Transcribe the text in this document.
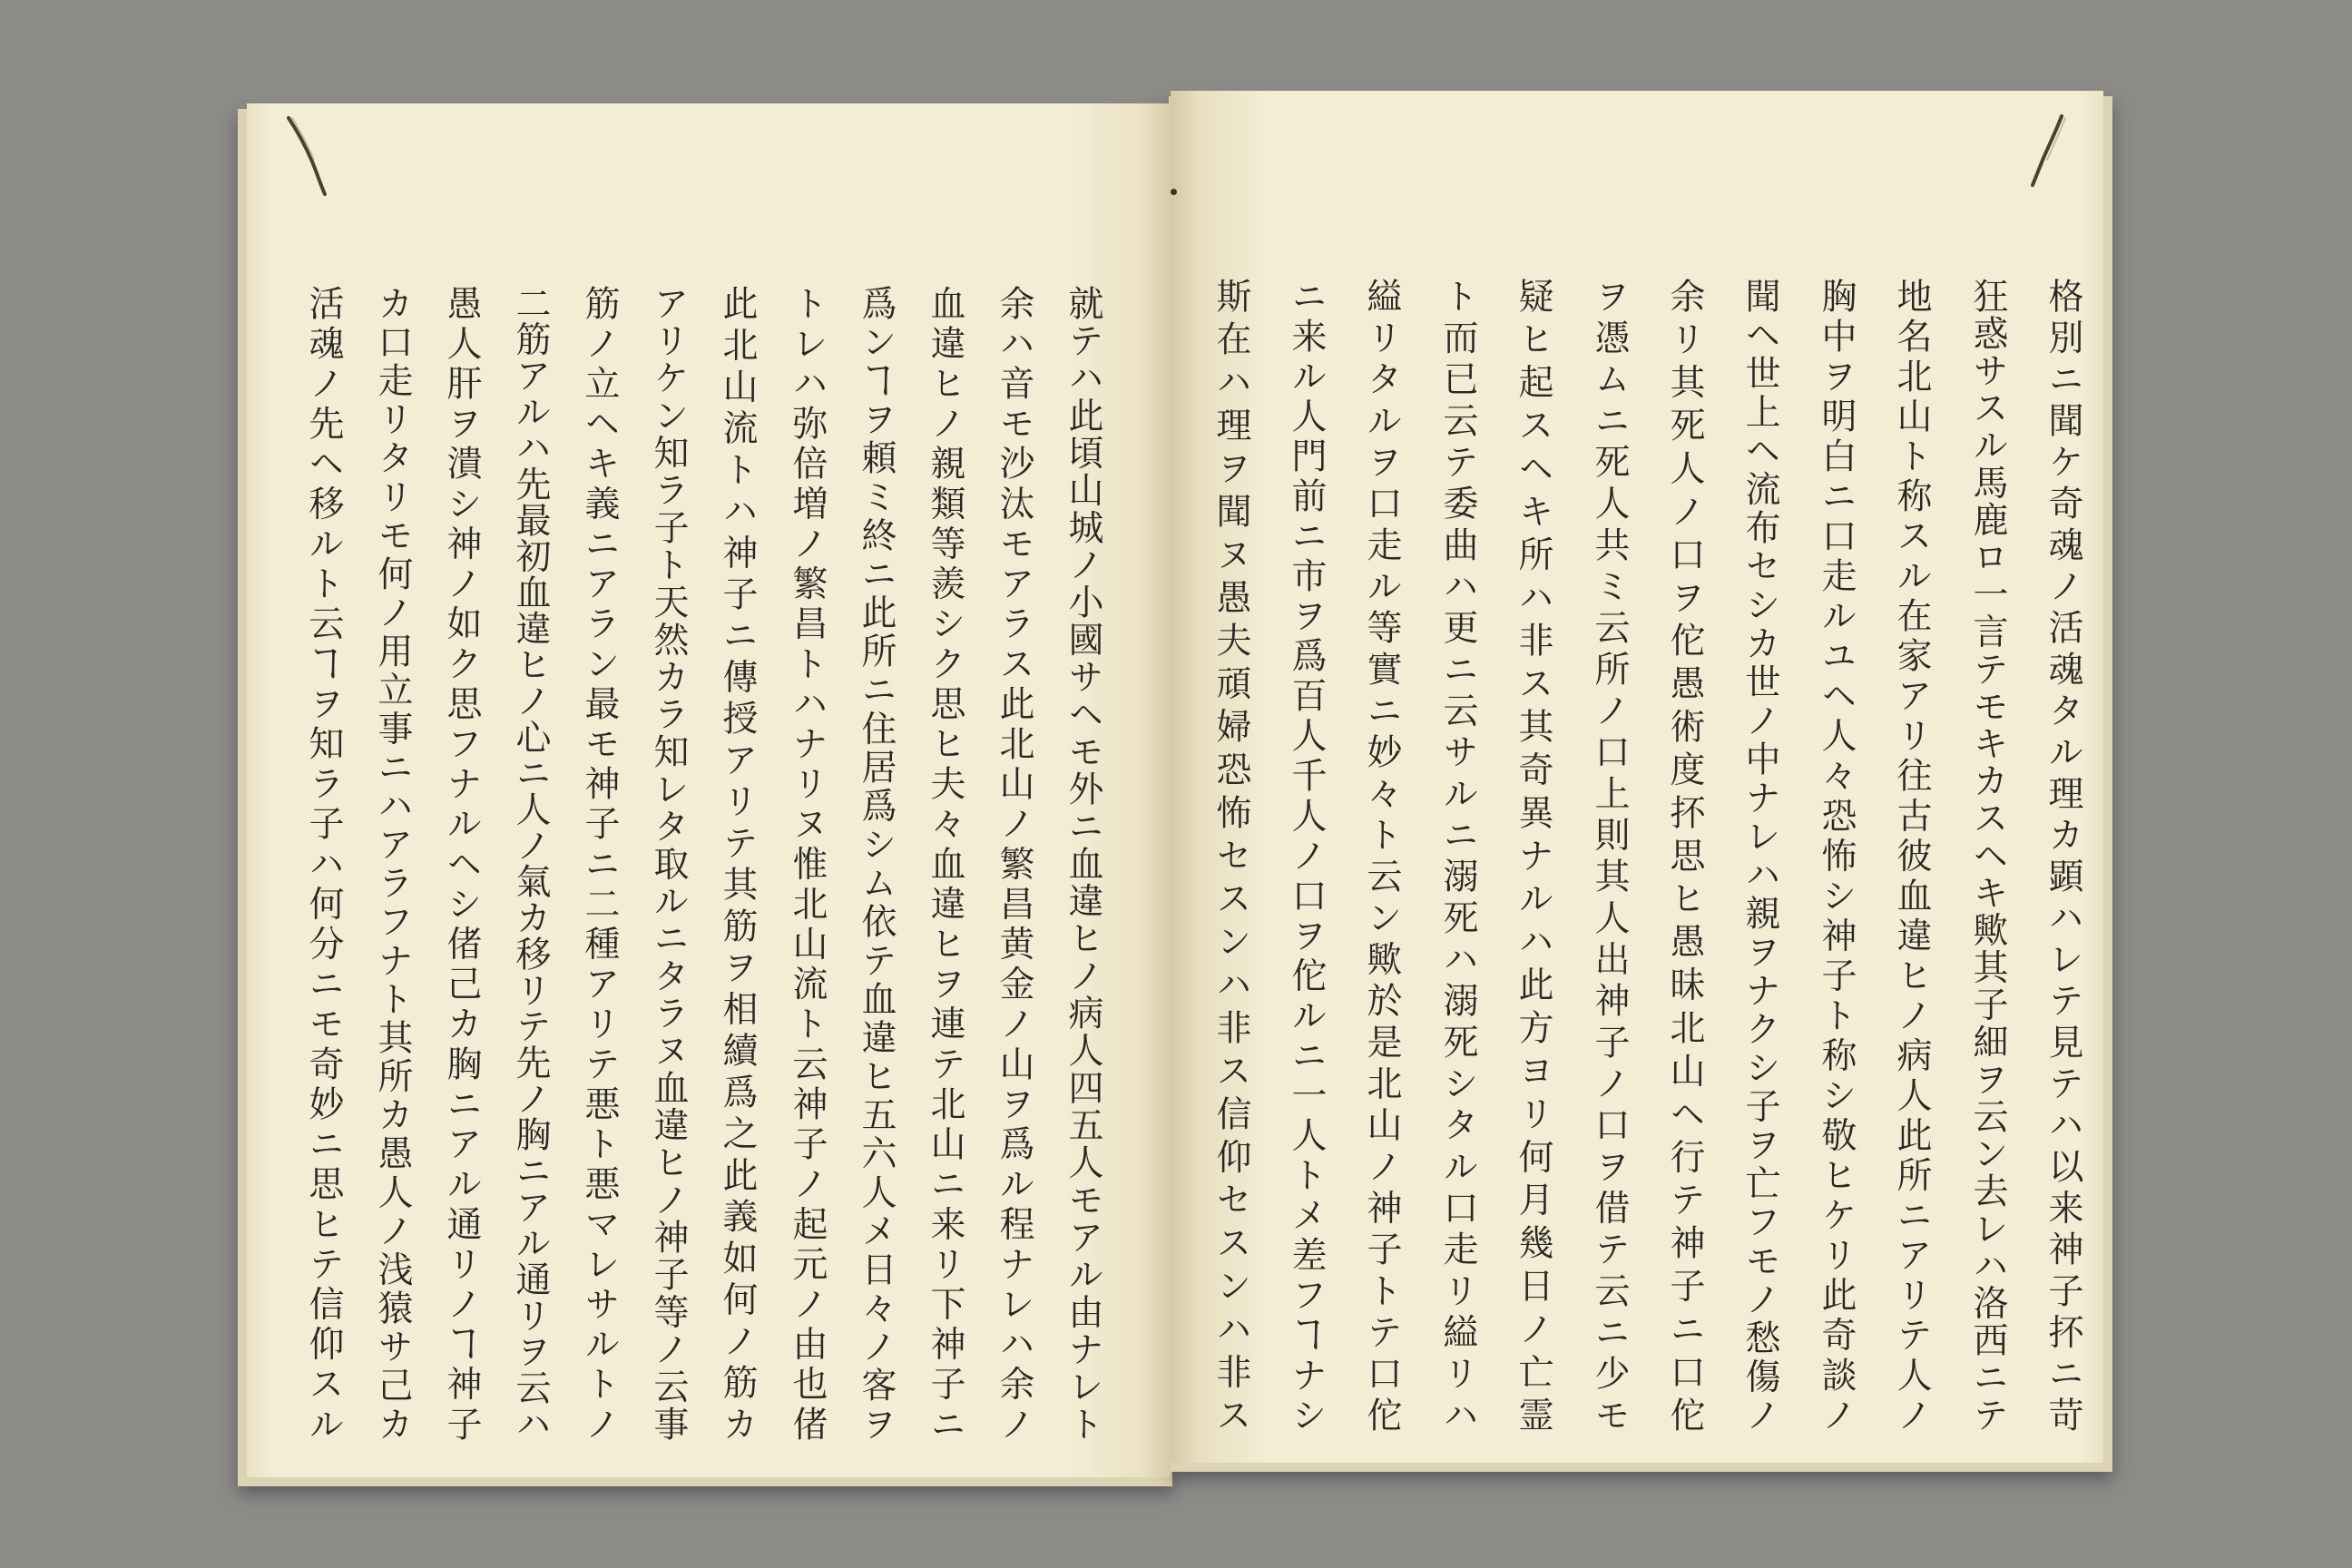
就テハ此頃山城ノ小國サヘモ外ニ血違ヒノ病人四五人モアル由ナレト
余ハ音モ沙汰モアラス此北山ノ繁昌黄金ノ山ヲ爲ル程ナレハ余ノ
血違ヒノ親類等羨シク思ヒ夫々血違ヒヲ連テ北山ニ来リ下神子ニ
爲ンヿヲ頼ミ終ニ此所ニ住居爲シム依テ血違ヒ五六人メ日々ノ客ヲ
トレハ弥倍増ノ繁昌トハナリヌ惟北山流ト云神子ノ起元ノ由也偖
此北山流トハ神子ニ傳授アリテ其筋ヲ相續爲之此義如何ノ筋カ
アリケン知ラ子ト天然カラ知レタ取ルニタラヌ血違ヒノ神子等ノ云事
筋ノ立ヘキ義ニアラン最モ神子ニ二種アリテ悪ト悪マレサルトノ
二筋アルハ先最初血違ヒノ心ニ人ノ氣カ移リテ先ノ胸ニアル通リヲ云ハ
愚人肝ヲ潰シ神ノ如ク思フナルヘシ偖己カ胸ニアル通リノヿ神子
カ口走リタリモ何ノ用立事ニハアラフナト其所カ愚人ノ浅猿サ己カ
活魂ノ先ヘ移ルト云ヿヲ知ラ子ハ何分ニモ奇妙ニ思ヒテ信仰スル	格別ニ聞ケ奇魂ノ活魂タル理カ顕ハレテ見テハ以来神子抔ニ苛
狂惑サスル馬鹿ロ一言テモキカスヘキ歟其子細ヲ云ン去レハ洛西ニテ
地名北山ト称スル在家アリ往古彼血違ヒノ病人此所ニアリテ人ノ
胸中ヲ明白ニ口走ルユヘ人々恐怖シ神子ト称シ敬ヒケリ此奇談ノ
聞ヘ世上ヘ流布セシカ世ノ中ナレハ親ヲナクシ子ヲ亡フモノ愁傷ノ
余リ其死人ノ口ヲ佗愚術度抔思ヒ愚昧北山ヘ行テ神子ニ口佗
ヲ憑ムニ死人共ミ云所ノ口上則其人出神子ノ口ヲ借テ云ニ少モ
疑ヒ起スヘキ所ハ非ス其奇異ナルハ此方ヨリ何月幾日ノ亡霊
ト而已云テ委曲ハ更ニ云サルニ溺死ハ溺死シタル口走リ縊リハ
縊リタルヲ口走ル等實ニ妙々ト云ン歟於是北山ノ神子トテ口佗
ニ来ル人門前ニ市ヲ爲百人千人ノ口ヲ佗ルニ一人トメ差フヿナシ
斯在ハ理ヲ聞ヌ愚夫頑婦恐怖セスンハ非ス信仰セスンハ非ス
